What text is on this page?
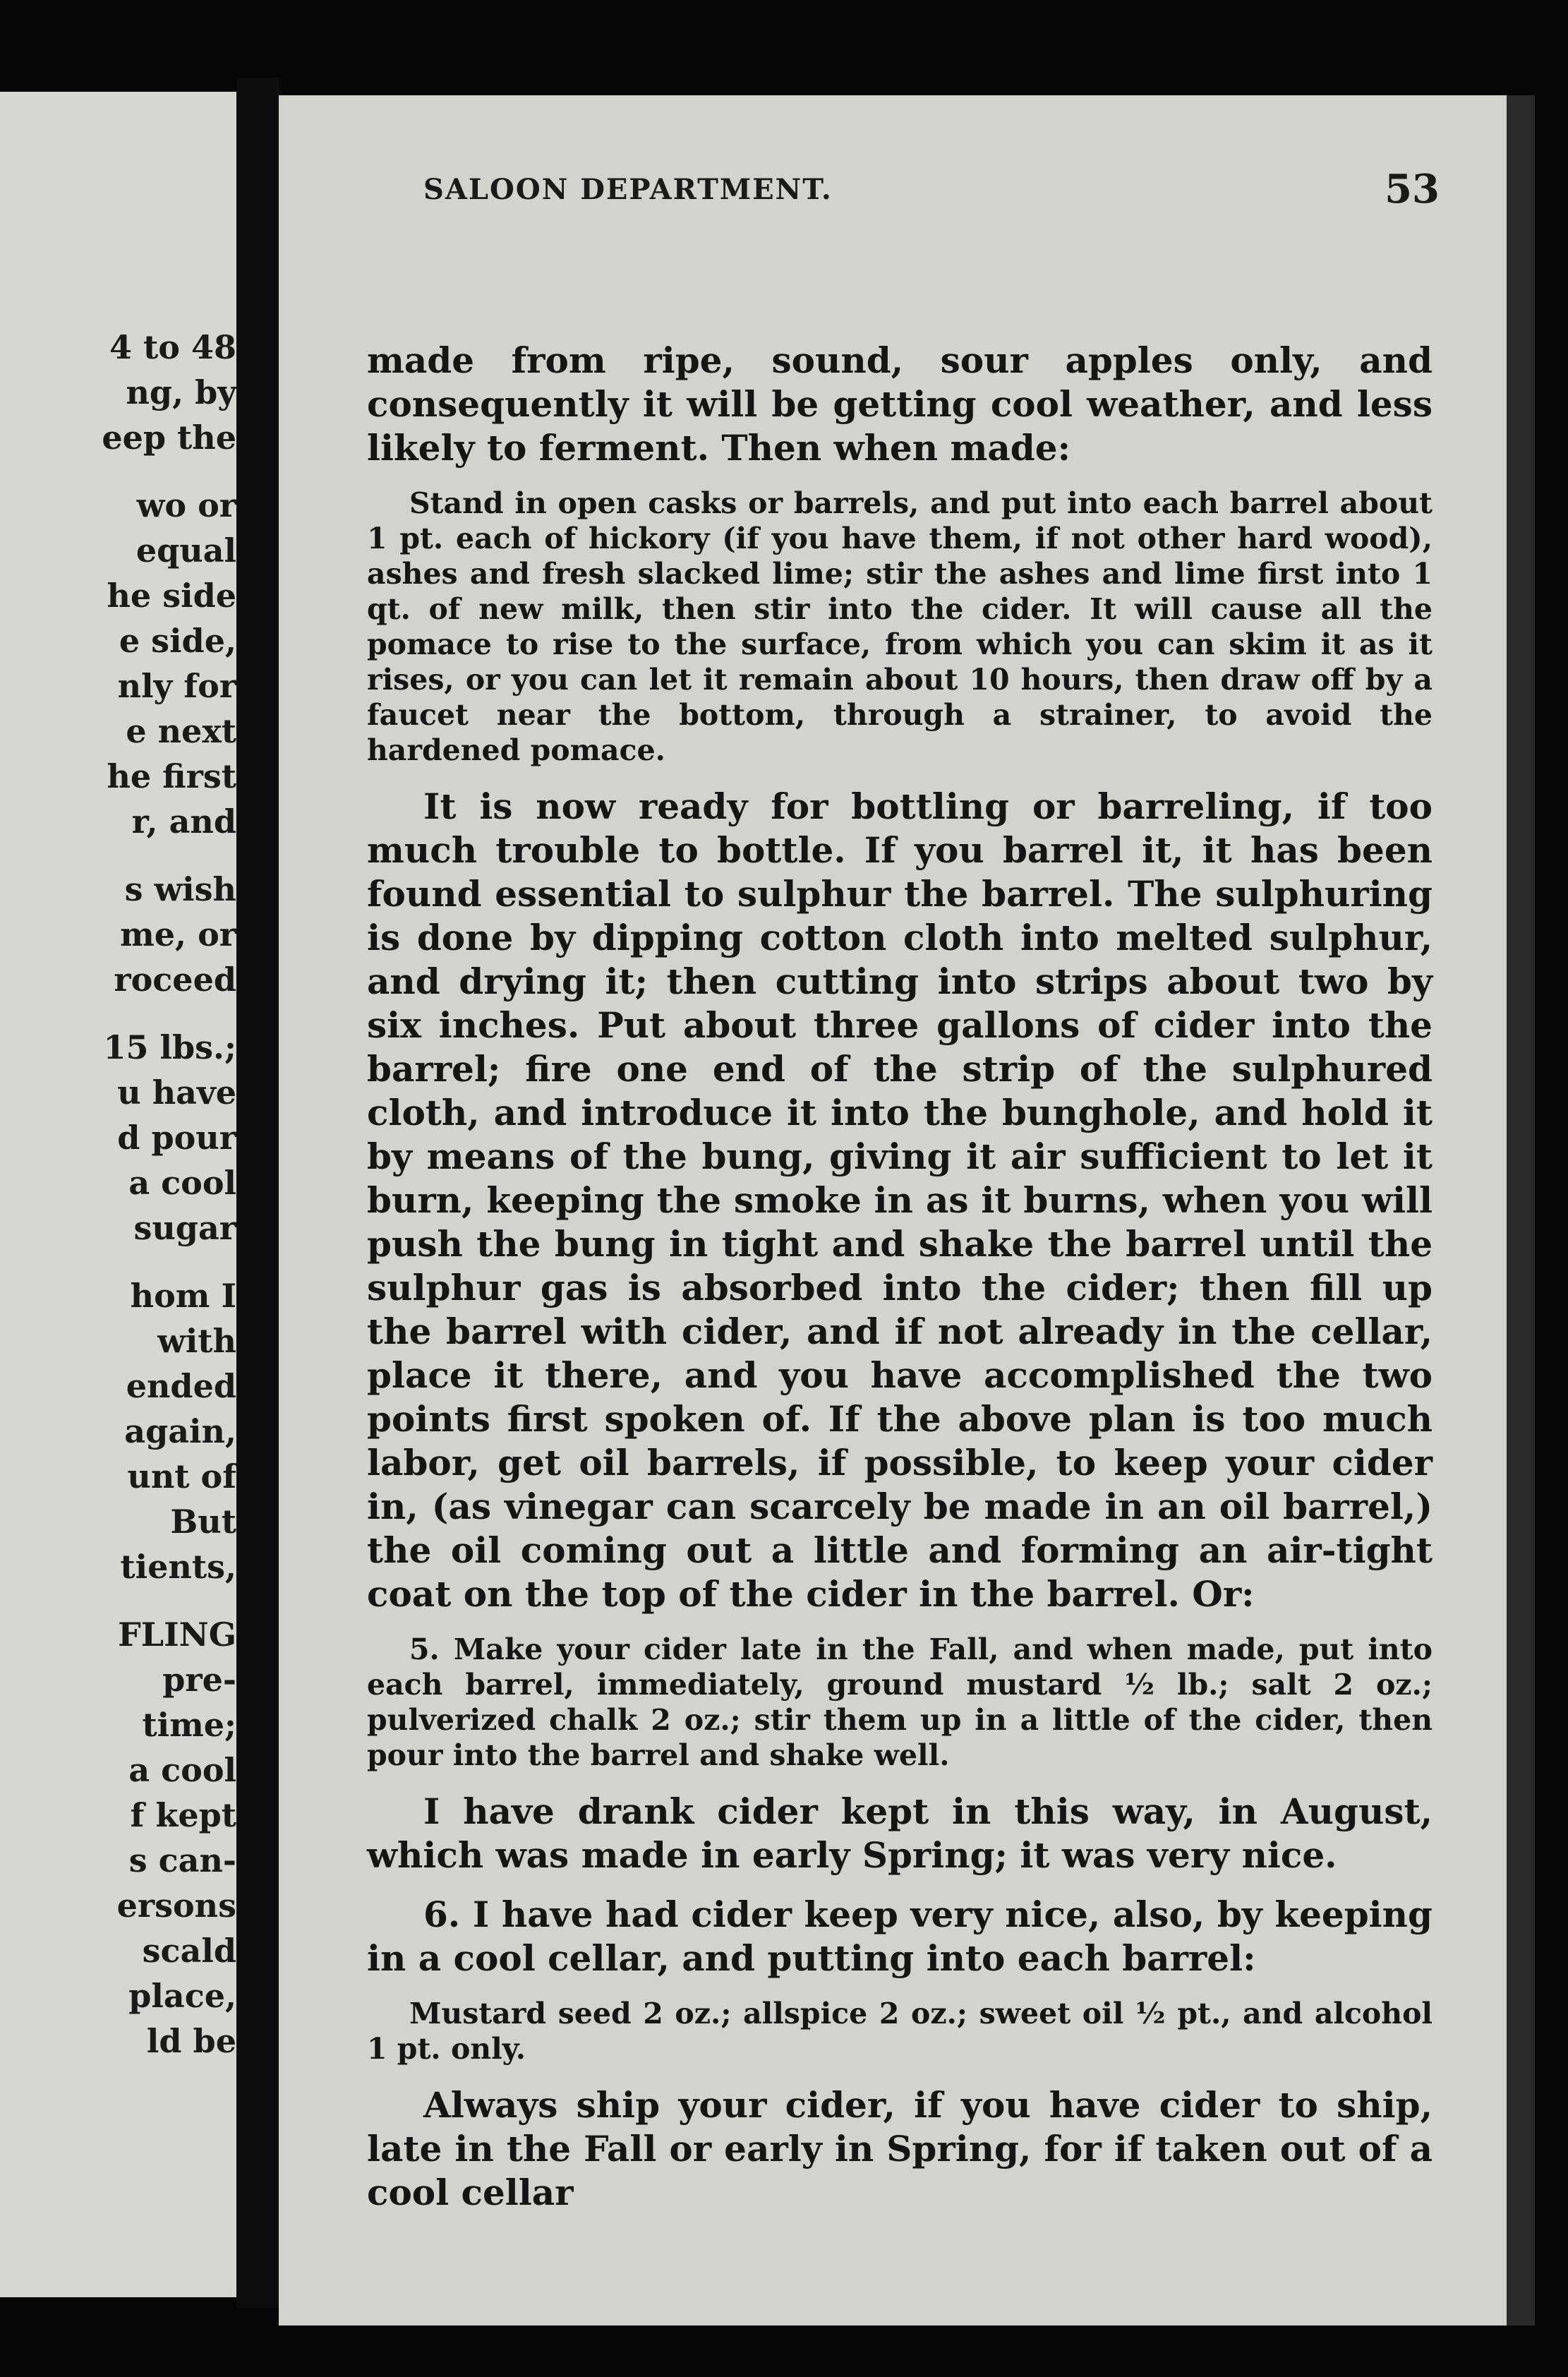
4 to 48
ng, by
eep the
wo or
equal
he side
e side,
nly for
e next
he first
r, and
s wish
me, or
roceed
15 lbs.;
u have
d pour
a cool
sugar
hom I
with
ended
again,
unt of
But
tients,
FLING
pre-
time;
a cool
f kept
s can-
ersons
scald
place,
ld be
SALOON DEPARTMENT.	53

made from ripe, sound, sour apples only, and consequently it will be getting cool weather, and less likely to ferment. Then when made:

Stand in open casks or barrels, and put into each barrel about 1 pt. each of hickory (if you have them, if not other hard wood), ashes and fresh slacked lime; stir the ashes and lime first into 1 qt. of new milk, then stir into the cider. It will cause all the pomace to rise to the surface, from which you can skim it as it rises, or you can let it remain about 10 hours, then draw off by a faucet near the bottom, through a strainer, to avoid the hardened pomace.

It is now ready for bottling or barreling, if too much trouble to bottle. If you barrel it, it has been found essential to sulphur the barrel. The sulphuring is done by dipping cotton cloth into melted sulphur, and drying it; then cutting into strips about two by six inches. Put about three gallons of cider into the barrel; fire one end of the strip of the sulphured cloth, and introduce it into the bunghole, and hold it by means of the bung, giving it air sufficient to let it burn, keeping the smoke in as it burns, when you will push the bung in tight and shake the barrel until the sulphur gas is absorbed into the cider; then fill up the barrel with cider, and if not already in the cellar, place it there, and you have accomplished the two points first spoken of. If the above plan is too much labor, get oil barrels, if possible, to keep your cider in, (as vinegar can scarcely be made in an oil barrel,) the oil coming out a little and forming an air-tight coat on the top of the cider in the barrel. Or:

5. Make your cider late in the Fall, and when made, put into each barrel, immediately, ground mustard ½ lb.; salt 2 oz.; pulverized chalk 2 oz.; stir them up in a little of the cider, then pour into the barrel and shake well.

I have drank cider kept in this way, in August, which was made in early Spring; it was very nice.

6. I have had cider keep very nice, also, by keeping in a cool cellar, and putting into each barrel:

Mustard seed 2 oz.; allspice 2 oz.; sweet oil ½ pt., and alcohol 1 pt. only.

Always ship your cider, if you have cider to ship, late in the Fall or early in Spring, for if taken out of a cool cellar
